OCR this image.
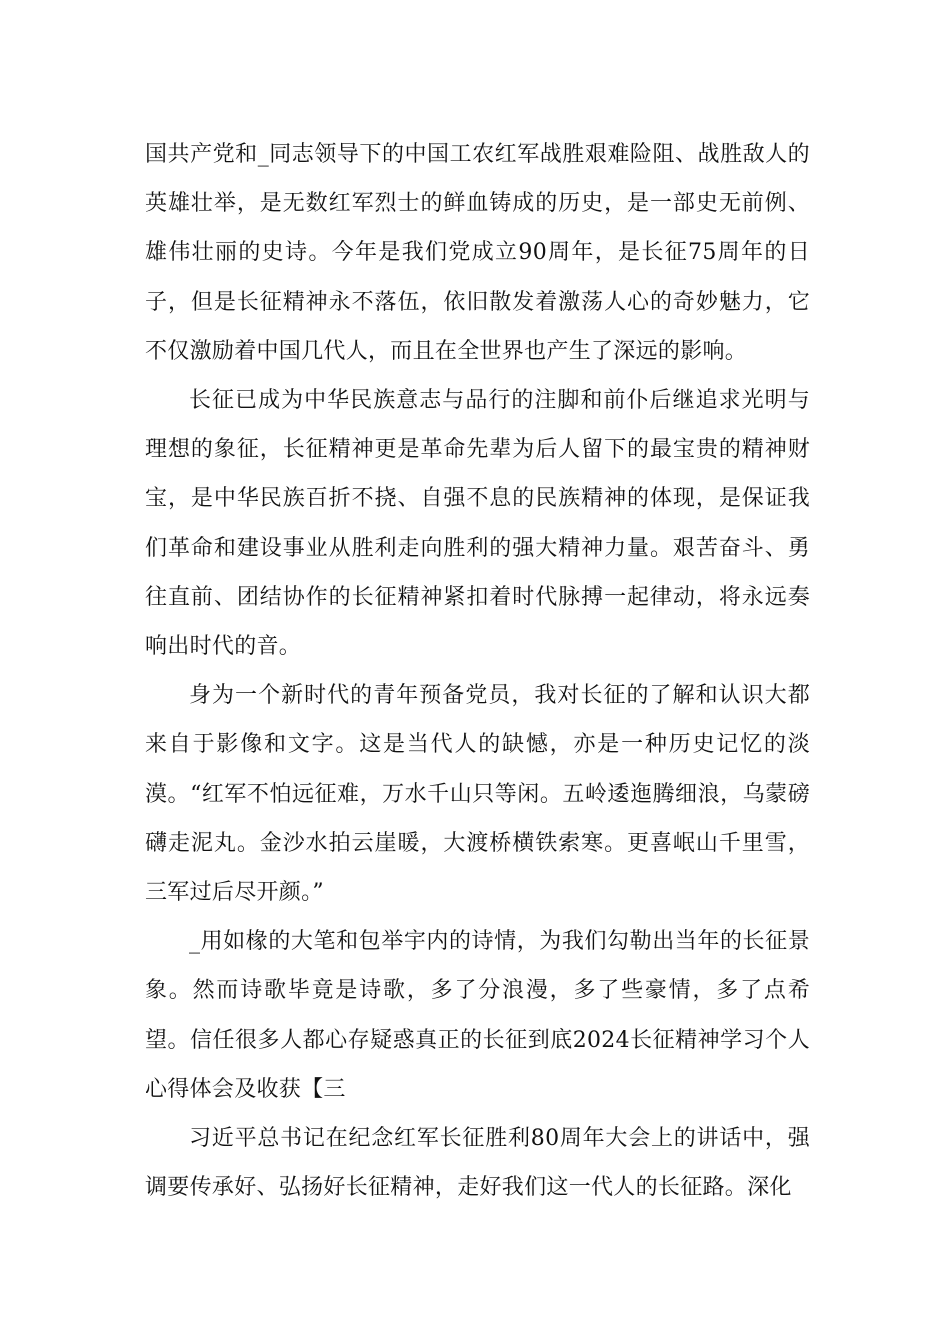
国共产党和_同志领导下的中国工农红军战胜艰难险阻、战胜敌人的英雄壮举，是无数红军烈士的鲜血铸成的历史，是一部史无前例、雄伟壮丽的史诗。今年是我们党成立90周年，是长征75周年的日子，但是长征精神永不落伍，依旧散发着激荡人心的奇妙魅力，它不仅激励着中国几代人，而且在全世界也产生了深远的影响。

长征已成为中华民族意志与品行的注脚和前仆后继追求光明与理想的象征，长征精神更是革命先辈为后人留下的最宝贵的精神财宝，是中华民族百折不挠、自强不息的民族精神的体现，是保证我们革命和建设事业从胜利走向胜利的强大精神力量。艰苦奋斗、勇往直前、团结协作的长征精神紧扣着时代脉搏一起律动，将永远奏响出时代的音。

身为一个新时代的青年预备党员，我对长征的了解和认识大都来自于影像和文字。这是当代人的缺憾，亦是一种历史记忆的淡漠。“红军不怕远征难，万水千山只等闲。五岭逶迤腾细浪，乌蒙磅礴走泥丸。金沙水拍云崖暖，大渡桥横铁索寒。更喜岷山千里雪，三军过后尽开颜。”

_用如椽的大笔和包举宇内的诗情，为我们勾勒出当年的长征景象。然而诗歌毕竟是诗歌，多了分浪漫，多了些豪情，多了点希望。信任很多人都心存疑惑真正的长征到底2024长征精神学习个人心得体会及收获【三

习近平总书记在纪念红军长征胜利80周年大会上的讲话中，强调要传承好、弘扬好长征精神，走好我们这一代人的长征路。深化
